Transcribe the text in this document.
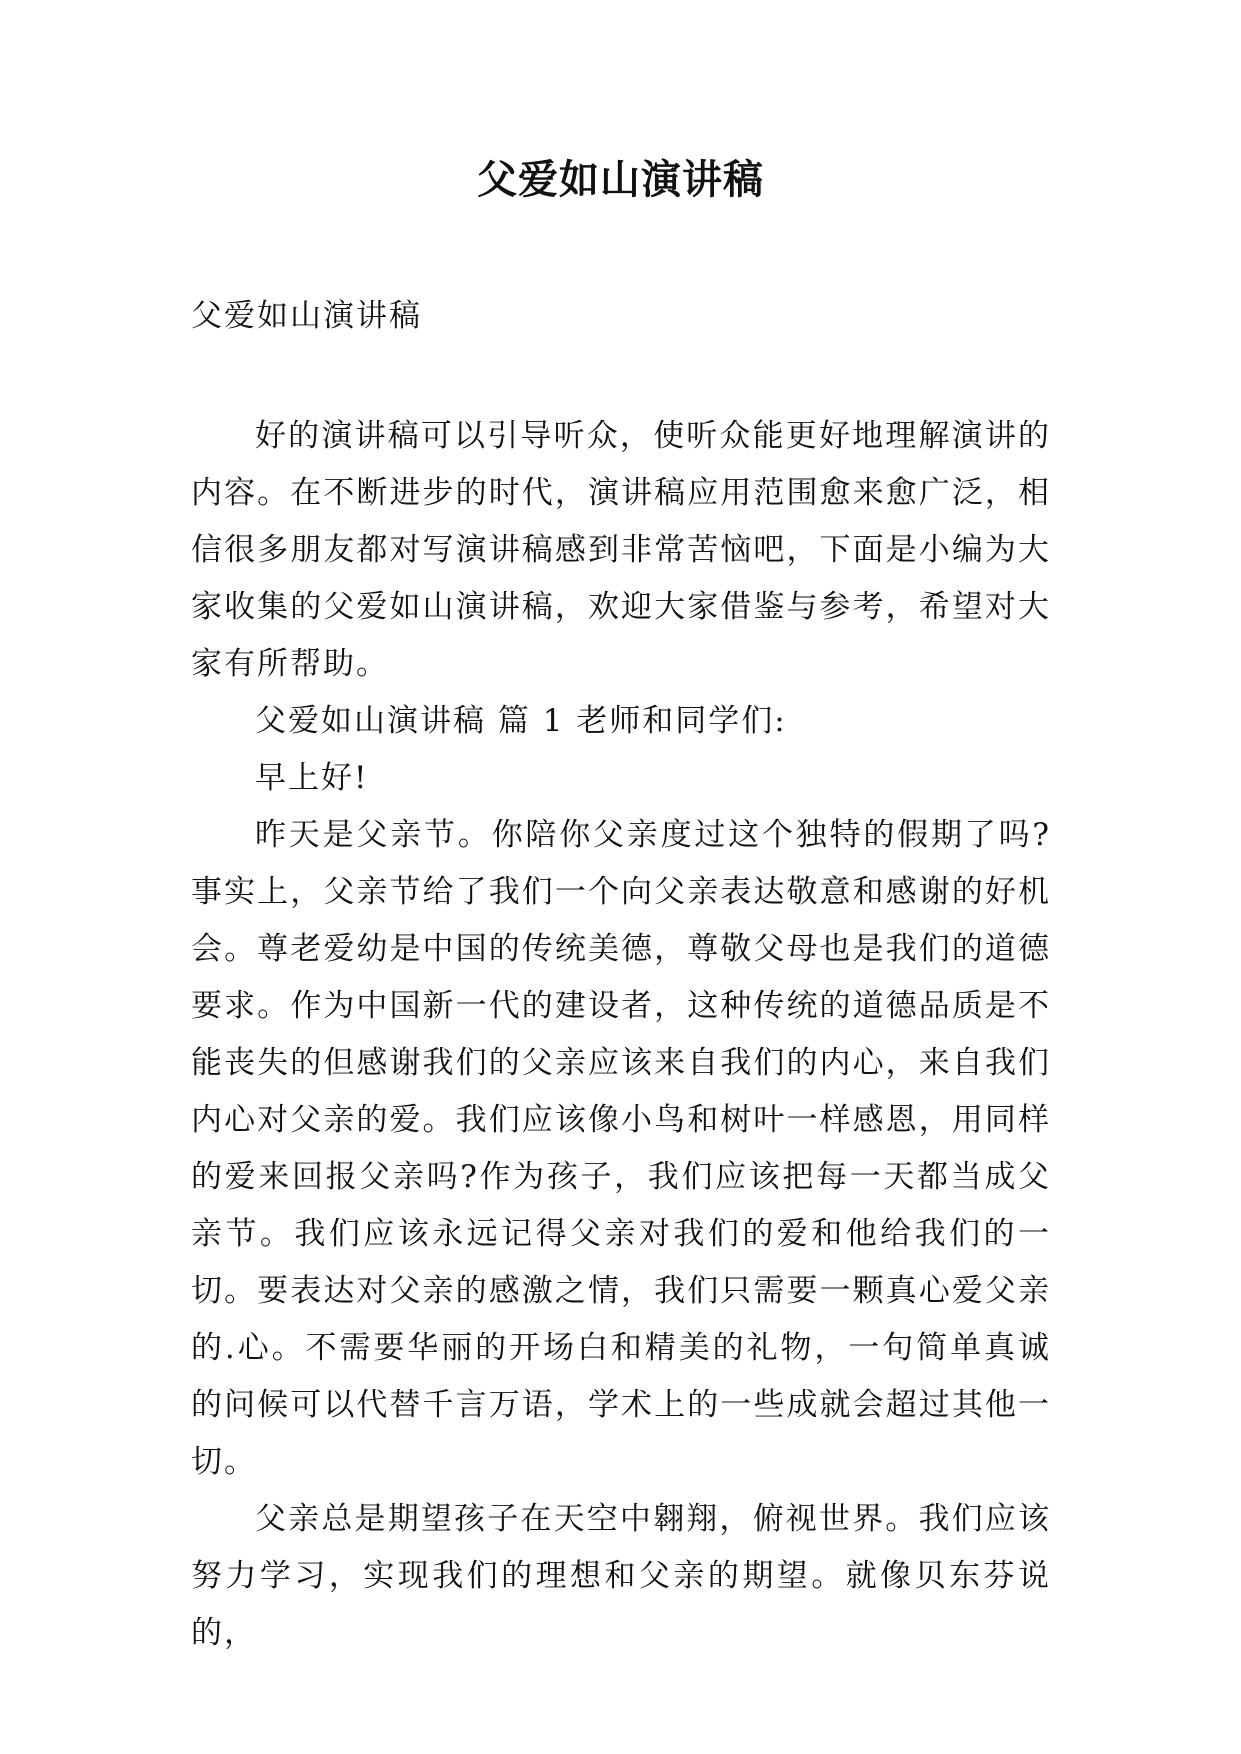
父爱如山演讲稿
父爱如山演讲稿

好的演讲稿可以引导听众，使听众能更好地理解演讲的内容。在不断进步的时代，演讲稿应用范围愈来愈广泛，相信很多朋友都对写演讲稿感到非常苦恼吧，下面是小编为大家收集的父爱如山演讲稿，欢迎大家借鉴与参考，希望对大家有所帮助。

父爱如山演讲稿 篇 1 老师和同学们:

早上好!

昨天是父亲节。你陪你父亲度过这个独特的假期了吗?事实上，父亲节给了我们一个向父亲表达敬意和感谢的好机会。尊老爱幼是中国的传统美德，尊敬父母也是我们的道德要求。作为中国新一代的建设者，这种传统的道德品质是不能丧失的但感谢我们的父亲应该来自我们的内心，来自我们内心对父亲的爱。我们应该像小鸟和树叶一样感恩，用同样的爱来回报父亲吗?作为孩子，我们应该把每一天都当成父亲节。我们应该永远记得父亲对我们的爱和他给我们的一切。要表达对父亲的感激之情，我们只需要一颗真心爱父亲的.心。不需要华丽的开场白和精美的礼物，一句简单真诚的问候可以代替千言万语，学术上的一些成就会超过其他一切。

父亲总是期望孩子在天空中翱翔，俯视世界。我们应该努力学习，实现我们的理想和父亲的期望。就像贝东芬说的，
